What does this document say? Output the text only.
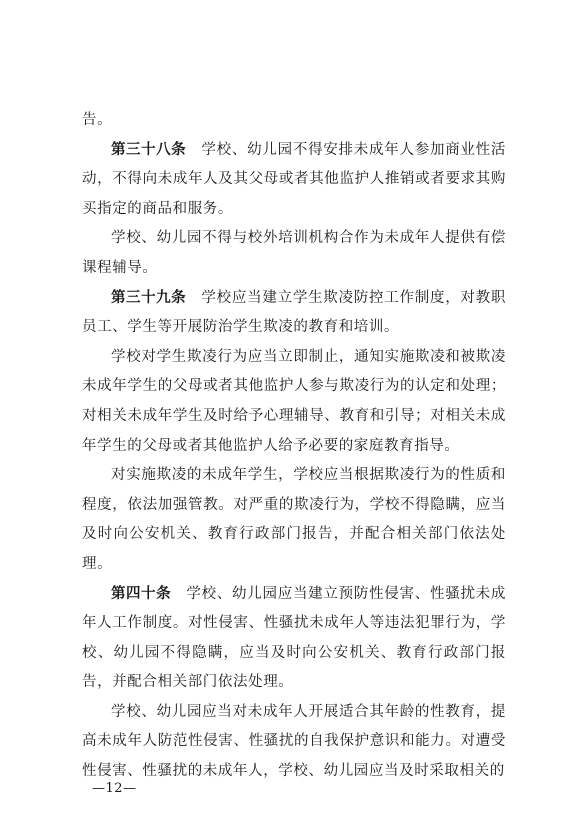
告。

第三十八条　学校、幼儿园不得安排未成年人参加商业性活动，不得向未成年人及其父母或者其他监护人推销或者要求其购买指定的商品和服务。

学校、幼儿园不得与校外培训机构合作为未成年人提供有偿课程辅导。

第三十九条　学校应当建立学生欺凌防控工作制度，对教职员工、学生等开展防治学生欺凌的教育和培训。

学校对学生欺凌行为应当立即制止，通知实施欺凌和被欺凌未成年学生的父母或者其他监护人参与欺凌行为的认定和处理；对相关未成年学生及时给予心理辅导、教育和引导；对相关未成年学生的父母或者其他监护人给予必要的家庭教育指导。

对实施欺凌的未成年学生，学校应当根据欺凌行为的性质和程度，依法加强管教。对严重的欺凌行为，学校不得隐瞒，应当及时向公安机关、教育行政部门报告，并配合相关部门依法处理。

第四十条　学校、幼儿园应当建立预防性侵害、性骚扰未成年人工作制度。对性侵害、性骚扰未成年人等违法犯罪行为，学校、幼儿园不得隐瞒，应当及时向公安机关、教育行政部门报告，并配合相关部门依法处理。

学校、幼儿园应当对未成年人开展适合其年龄的性教育，提高未成年人防范性侵害、性骚扰的自我保护意识和能力。对遭受性侵害、性骚扰的未成年人，学校、幼儿园应当及时采取相关的

—12—
